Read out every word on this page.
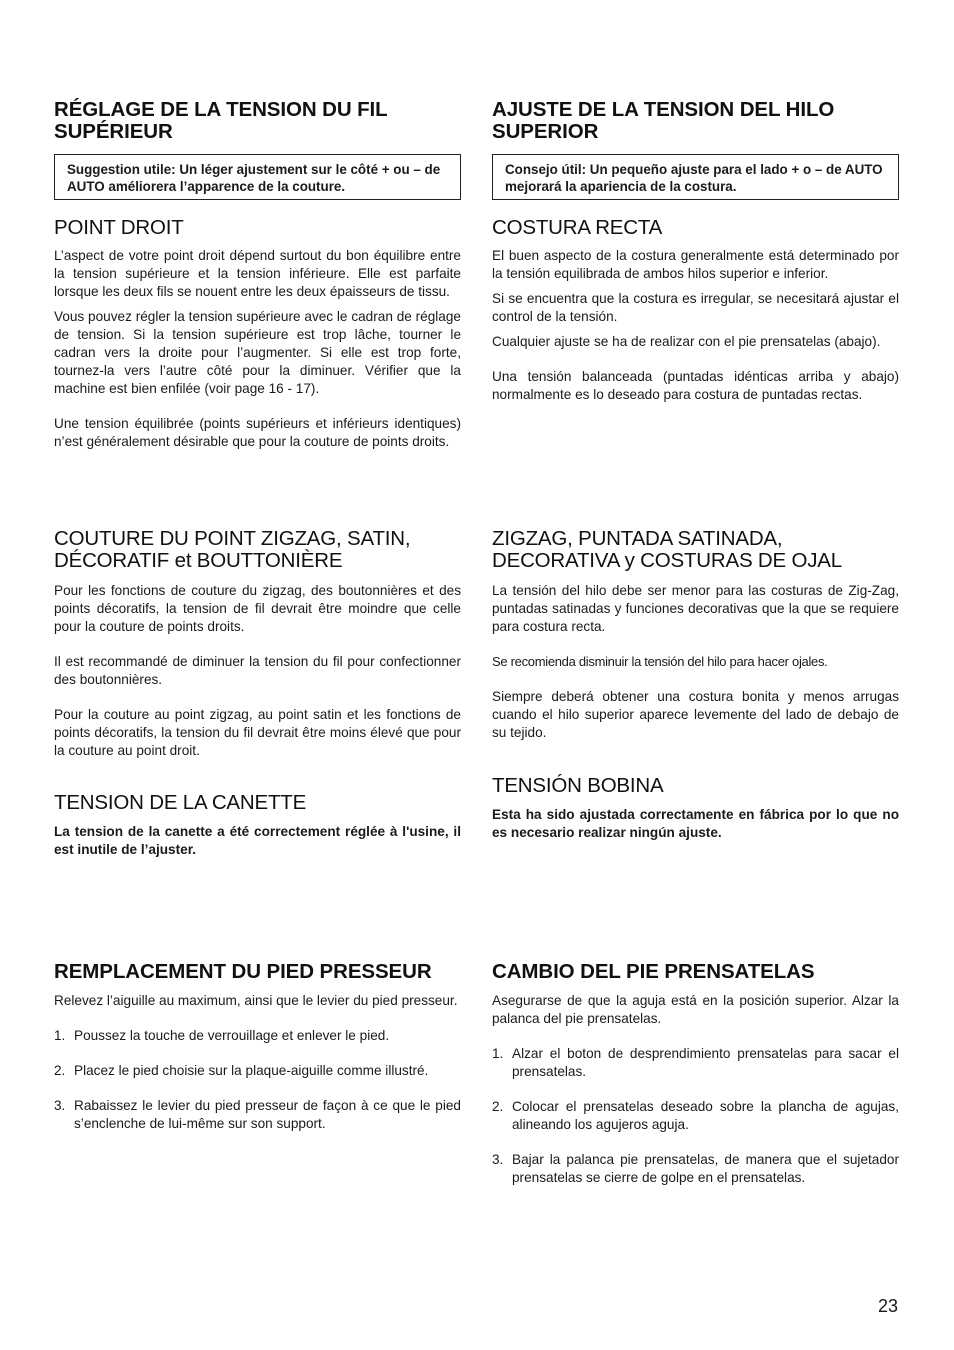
RÉGLAGE DE LA TENSION DU FIL SUPÉRIEUR
Suggestion utile: Un léger ajustement sur le côté + ou – de AUTO améliorera l’apparence de la couture.
POINT DROIT

L’aspect de votre point droit dépend surtout du bon équilibre entre la tension supérieure et la tension inférieure. Elle est parfaite lorsque les deux fils se nouent entre les deux épaisseurs de tissu.

Vous pouvez régler la tension supérieure avec le cadran de réglage de tension. Si la tension supérieure est trop lâche, tourner le cadran vers la droite pour l’augmenter. Si elle est trop forte, tournez-la vers l’autre côté pour la diminuer. Vérifier que la machine est bien enfilée (voir page 16 - 17).

Une tension équilibrée (points supérieurs et inférieurs identiques) n’est généralement désirable que pour la couture de points droits.

COUTURE DU POINT ZIGZAG, SATIN, DÉCORATIF et BOUTTONIÈRE

Pour les fonctions de couture du zigzag, des boutonnières et des points décoratifs, la tension de fil devrait être moindre que celle pour la couture de points droits.

Il est recommandé de diminuer la tension du fil pour confectionner des boutonnières.

Pour la couture au point zigzag, au point satin et les fonctions de points décoratifs, la tension du fil devrait être moins élevé que pour la couture au point droit.

TENSION DE LA CANETTE

La tension de la canette a été correctement réglée à l'usine, il est inutile de l’ajuster.

REMPLACEMENT DU PIED PRESSEUR

Relevez l’aiguille au maximum, ainsi que le levier du pied presseur.

1. Poussez la touche de verrouillage et enlever le pied.

2. Placez le pied choisie sur la plaque-aiguille comme illustré.

3. Rabaissez le levier du pied presseur de façon à ce que le pied s’enclenche de lui-même sur son support.

AJUSTE DE LA TENSION DEL HILO SUPERIOR
Consejo útil: Un pequeño ajuste para el lado + o – de AUTO mejorará la apariencia de la costura.
COSTURA RECTA

El buen aspecto de la costura generalmente está determinado por la tensión equilibrada de ambos hilos superior e inferior.

Si se encuentra que la costura es irregular, se necesitará ajustar el control de la tensión.

Cualquier ajuste se ha de realizar con el pie prensatelas (abajo).

Una tensión balanceada (puntadas idénticas arriba y abajo) normalmente es lo deseado para costura de puntadas rectas.

ZIGZAG, PUNTADA SATINADA, DECORATIVA y COSTURAS DE OJAL

La tensión del hilo debe ser menor para las costuras de Zig-Zag, puntadas satinadas y funciones decorativas que la que se requiere para costura recta.

Se recomienda disminuir la tensión del hilo para hacer ojales.

Siempre deberá obtener una costura bonita y menos arrugas cuando el hilo superior aparece levemente del lado de debajo de su tejido.

TENSIÓN BOBINA

Esta ha sido ajustada correctamente en fábrica por lo que no es necesario realizar ningún ajuste.

CAMBIO DEL PIE PRENSATELAS

Asegurarse de que la aguja está en la posición superior. Alzar la palanca del pie prensatelas.

1. Alzar el boton de desprendimiento prensatelas para sacar el prensatelas.

2. Colocar el prensatelas deseado sobre la plancha de agujas, alineando los agujeros aguja.

3. Bajar la palanca pie prensatelas, de manera que el sujetador prensatelas se cierre de golpe en el prensatelas.

23
